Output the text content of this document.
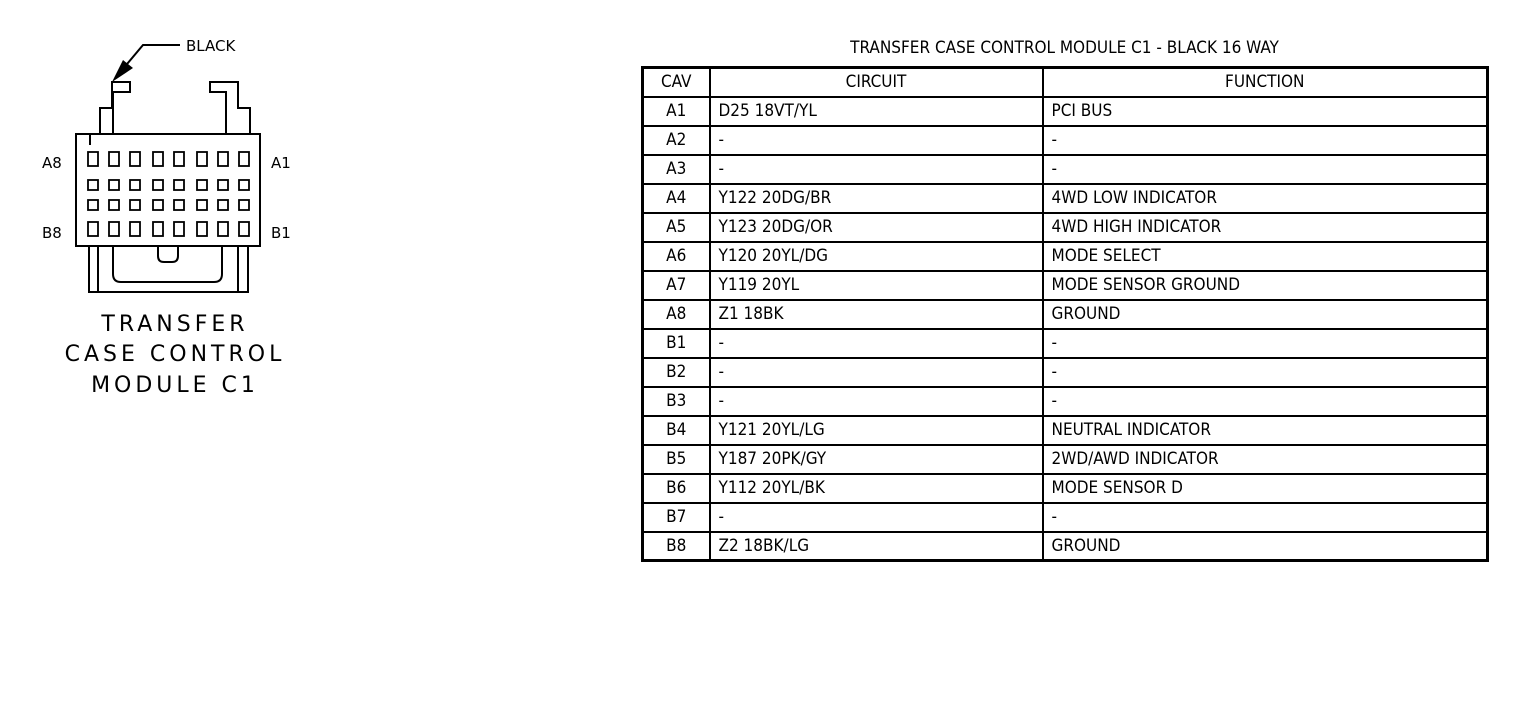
BLACK
A8	A1
B8	B1
TRANSFER
CASE CONTROL
MODULE C1
TRANSFER CASE CONTROL MODULE C1 - BLACK 16 WAY
CAV	CIRCUIT	FUNCTION
A1	D25 18VT/YL	PCI BUS
A2	-	-
A3	-	-
A4	Y122 20DG/BR	4WD LOW INDICATOR
A5	Y123 20DG/OR	4WD HIGH INDICATOR
A6	Y120 20YL/DG	MODE SELECT
A7	Y119 20YL	MODE SENSOR GROUND
A8	Z1 18BK	GROUND
B1	-	-
B2	-	-
B3	-	-
B4	Y121 20YL/LG	NEUTRAL INDICATOR
B5	Y187 20PK/GY	2WD/AWD INDICATOR
B6	Y112 20YL/BK	MODE SENSOR D
B7	-	-
B8	Z2 18BK/LG	GROUND
